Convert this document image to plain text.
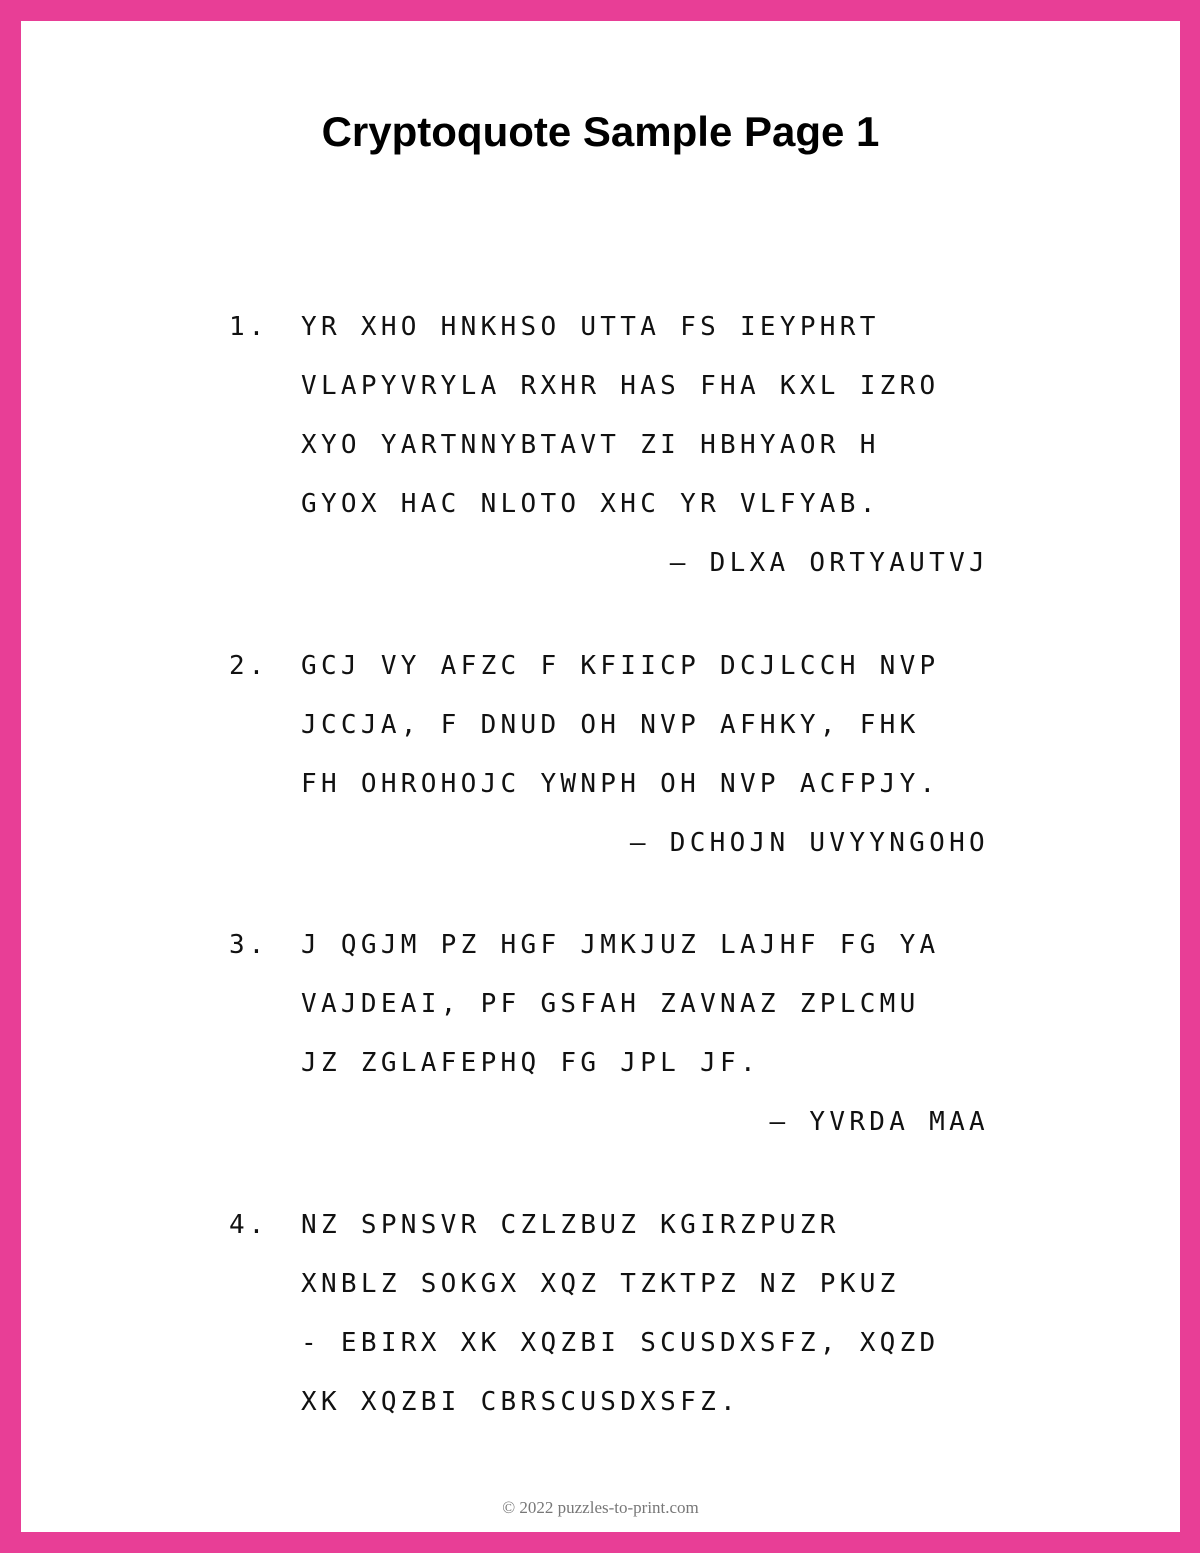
Cryptoquote Sample Page 1
1. YR XHO HNKHSO UTTA FS IEYPHRT
VLAPYVRYLA RXHR HAS FHA KXL IZRO
XYO YARTNNYBTAVT ZI HBHYAOR H
GYOX HAC NLOTO XHC YR VLFYAB.
— DLXA ORTYAUTVJ
2. GCJ VY AFZC F KFIICP DCJLCCH NVP
JCCJA, F DNUD OH NVP AFHKY, FHK
FH OHROHOJC YWNPH OH NVP ACFPJY.
— DCHOJN UVYYNGOHO
3. J QGJM PZ HGF JMKJUZ LAJHF FG YA
VAJDEAI, PF GSFAH ZAVNAZ ZPLCMU
JZ ZGLAFEPHQ FG JPL JF.
— YVRDA MAA
4. NZ SPNSVR CZLZBUZ KGIRZPUZR
XNBLZ SOKGX XQZ TZKTPZ NZ PKUZ
- EBIRX XK XQZBI SCUSDXSFZ, XQZD
XK XQZBI CBRSCUSDXSFZ.
© 2022 puzzles-to-print.com
